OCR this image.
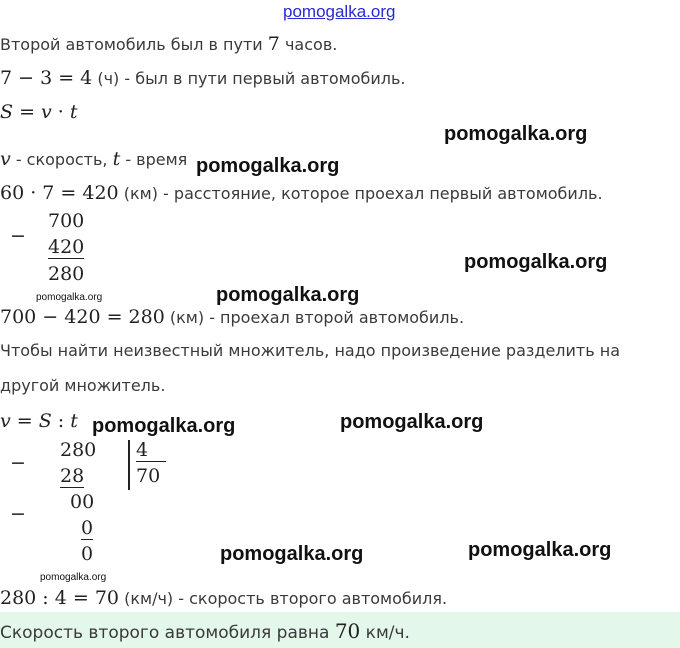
pomogalka.org
Второй автомобиль был в пути 7 часов.
7 − 3 = 4 (ч) - был в пути первый автомобиль.
S = v · t
v - скорость, t - время
60 · 7 = 420 (км) - расстояние, которое проехал первый автомобиль.
−
700
420
280
700 − 420 = 280 (км) - проехал второй автомобиль.
Чтобы найти неизвестный множитель, надо произведение разделить на
другой множитель.
v = S : t
−
280
28
4
70
00
−
0
0
280 : 4 = 70 (км/ч) - скорость второго автомобиля.
Скорость второго автомобиля равна 70 км/ч.
pomogalka.org
pomogalka.org
pomogalka.org
pomogalka.org
pomogalka.org
pomogalka.org	pomogalka.org
pomogalka.org	pomogalka.org
pomogalka.org
